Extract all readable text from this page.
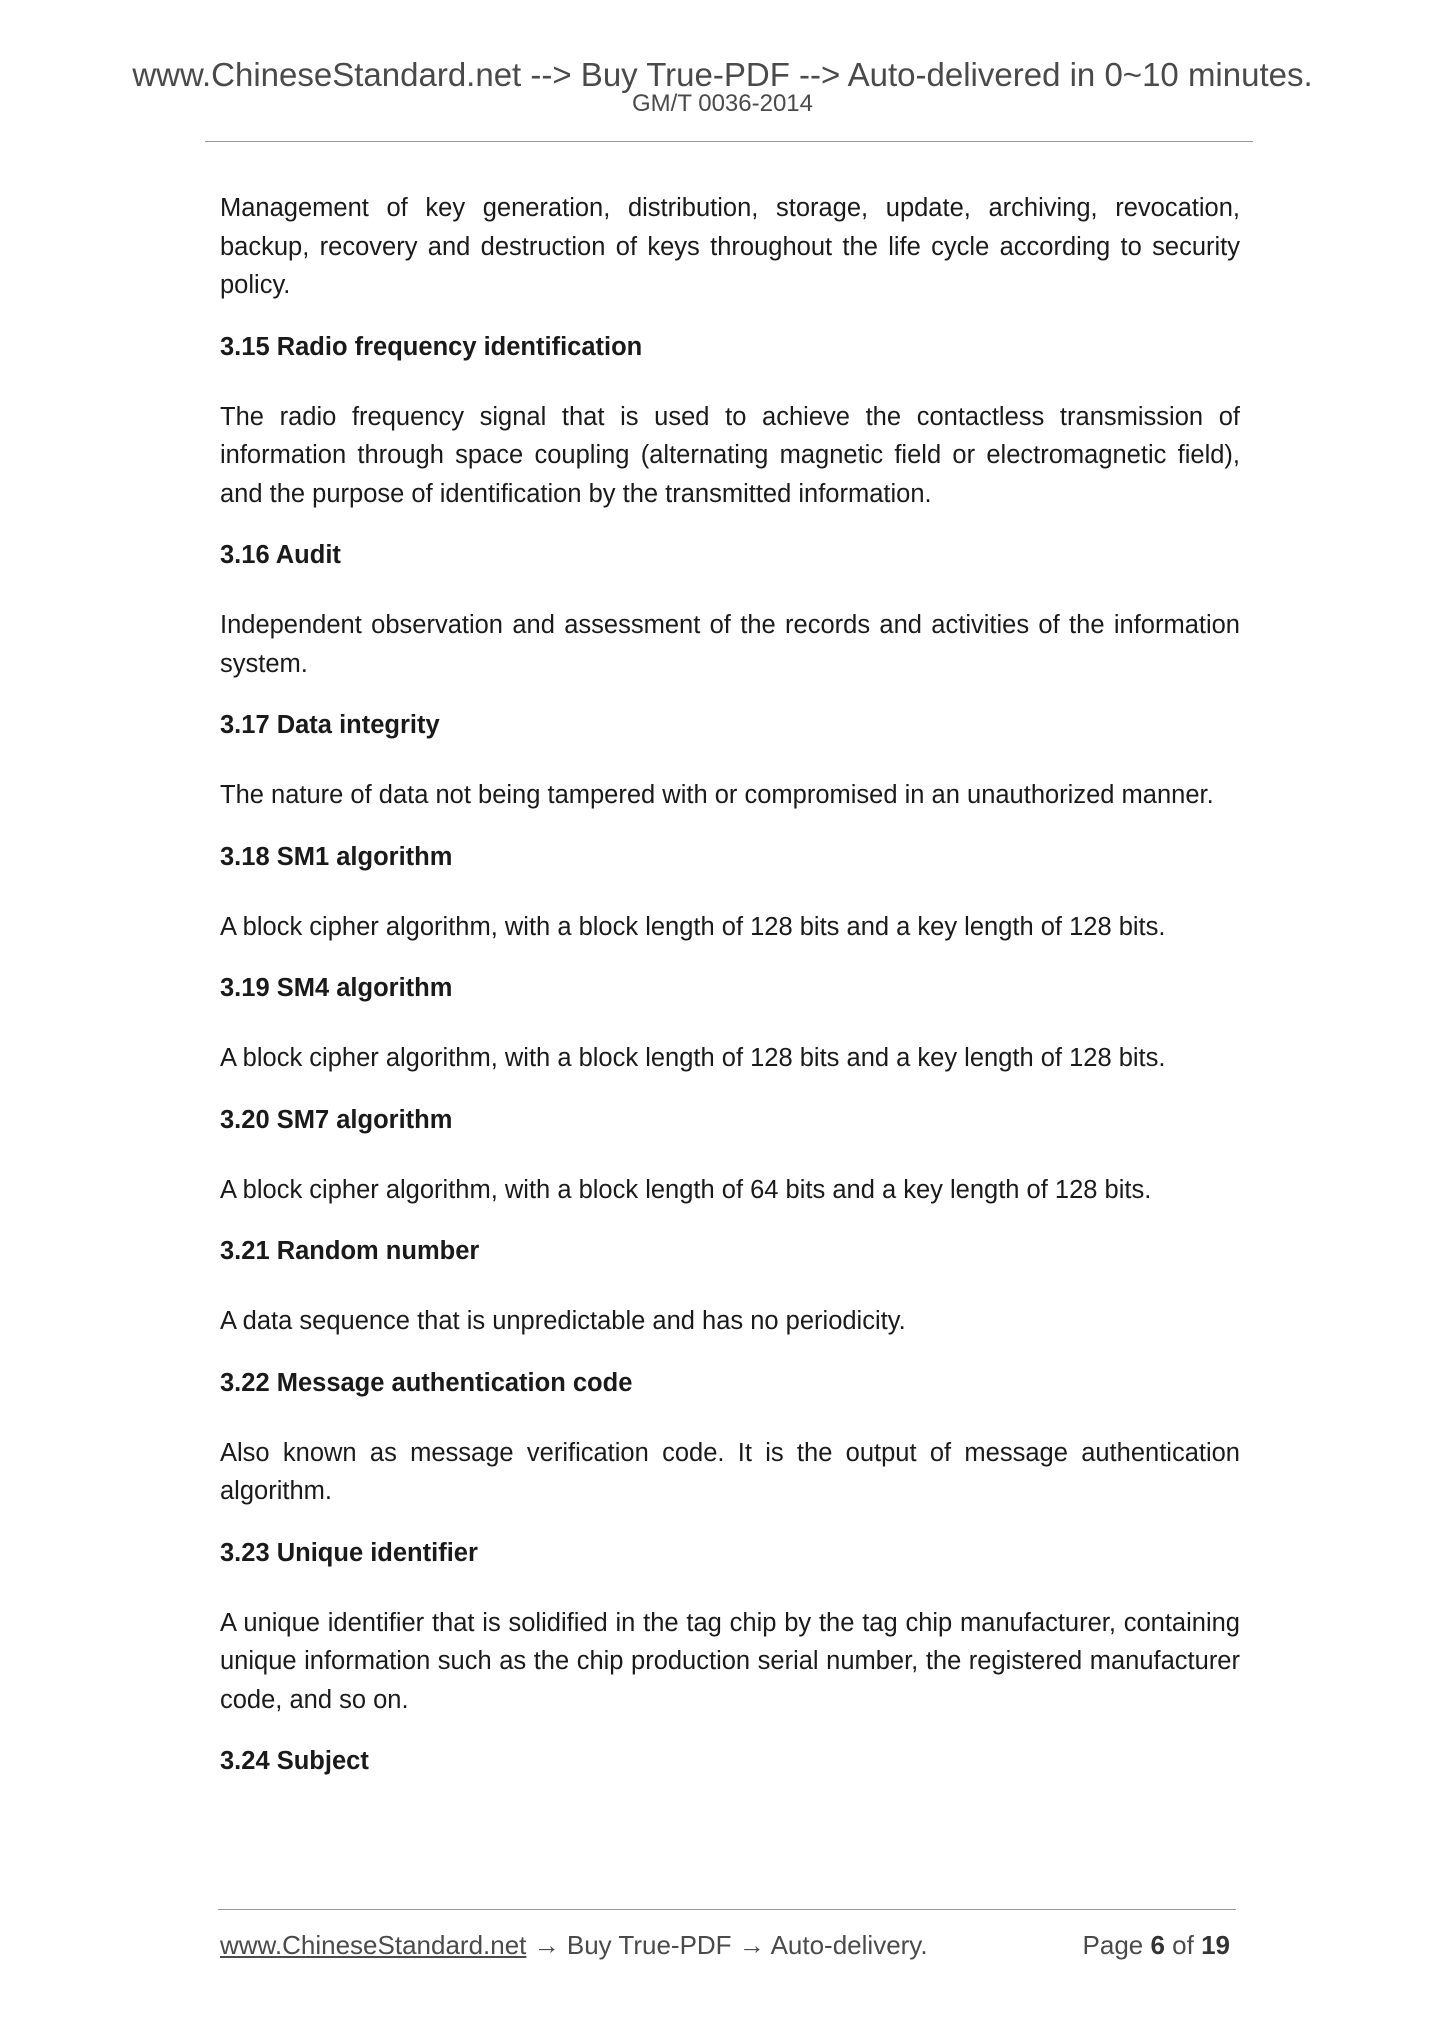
www.ChineseStandard.net --> Buy True-PDF --> Auto-delivered in 0~10 minutes.
GM/T 0036-2014

Management of key generation, distribution, storage, update, archiving, revocation, backup, recovery and destruction of keys throughout the life cycle according to security policy.

3.15 Radio frequency identification

The radio frequency signal that is used to achieve the contactless transmission of information through space coupling (alternating magnetic field or electromagnetic field), and the purpose of identification by the transmitted information.

3.16 Audit

Independent observation and assessment of the records and activities of the information system.

3.17 Data integrity

The nature of data not being tampered with or compromised in an unauthorized manner.

3.18 SM1 algorithm

A block cipher algorithm, with a block length of 128 bits and a key length of 128 bits.

3.19 SM4 algorithm

A block cipher algorithm, with a block length of 128 bits and a key length of 128 bits.

3.20 SM7 algorithm

A block cipher algorithm, with a block length of 64 bits and a key length of 128 bits.

3.21 Random number

A data sequence that is unpredictable and has no periodicity.

3.22 Message authentication code

Also known as message verification code. It is the output of message authentication algorithm.

3.23 Unique identifier

A unique identifier that is solidified in the tag chip by the tag chip manufacturer, containing unique information such as the chip production serial number, the registered manufacturer code, and so on.

3.24 Subject
www.ChineseStandard.net → Buy True-PDF → Auto-delivery.	Page 6 of 19
